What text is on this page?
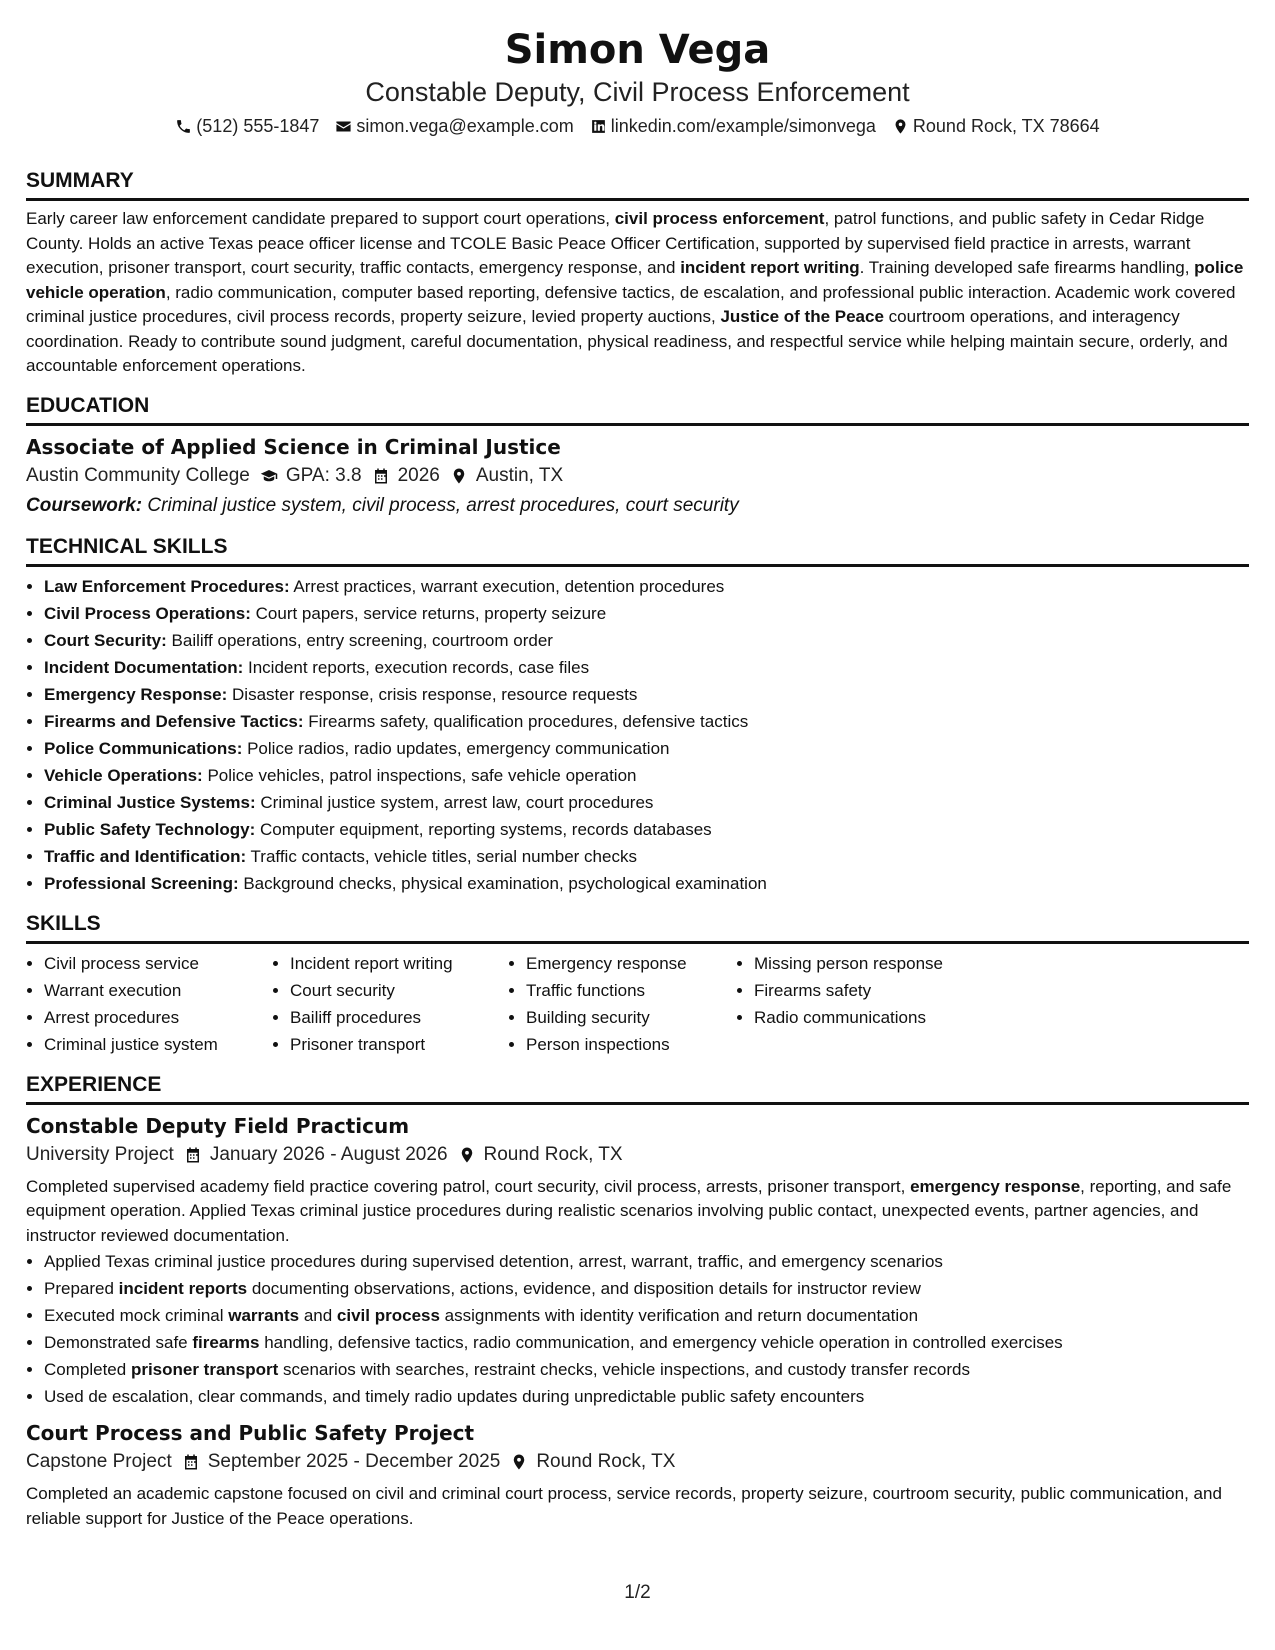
Simon Vega
Constable Deputy, Civil Process Enforcement
(512) 555-1847 simon.vega@example.com linkedin.com/example/simonvega Round Rock, TX 78664
SUMMARY

Early career law enforcement candidate prepared to support court operations, civil process enforcement, patrol functions, and public safety in Cedar Ridge County. Holds an active Texas peace officer license and TCOLE Basic Peace Officer Certification, supported by supervised field practice in arrests, warrant execution, prisoner transport, court security, traffic contacts, emergency response, and incident report writing. Training developed safe firearms handling, police vehicle operation, radio communication, computer based reporting, defensive tactics, de escalation, and professional public interaction. Academic work covered criminal justice procedures, civil process records, property seizure, levied property auctions, Justice of the Peace courtroom operations, and interagency coordination. Ready to contribute sound judgment, careful documentation, physical readiness, and respectful service while helping maintain secure, orderly, and accountable enforcement operations.

EDUCATION
Associate of Applied Science in Criminal Justice
Austin Community College GPA: 3.8 2026 Austin, TX
Coursework: Criminal justice system, civil process, arrest procedures, court security
TECHNICAL SKILLS
• Law Enforcement Procedures: Arrest practices, warrant execution, detention procedures
• Civil Process Operations: Court papers, service returns, property seizure
• Court Security: Bailiff operations, entry screening, courtroom order
• Incident Documentation: Incident reports, execution records, case files
• Emergency Response: Disaster response, crisis response, resource requests
• Firearms and Defensive Tactics: Firearms safety, qualification procedures, defensive tactics
• Police Communications: Police radios, radio updates, emergency communication
• Vehicle Operations: Police vehicles, patrol inspections, safe vehicle operation
• Criminal Justice Systems: Criminal justice system, arrest law, court procedures
• Public Safety Technology: Computer equipment, reporting systems, records databases
• Traffic and Identification: Traffic contacts, vehicle titles, serial number checks
• Professional Screening: Background checks, physical examination, psychological examination
SKILLS
• Civil process service
• Warrant execution
• Arrest procedures
• Criminal justice system
• Incident report writing
• Court security
• Bailiff procedures
• Prisoner transport
• Emergency response
• Traffic functions
• Building security
• Person inspections
• Missing person response
• Firearms safety
• Radio communications
EXPERIENCE
Constable Deputy Field Practicum
University Project January 2026 - August 2026 Round Rock, TX

Completed supervised academy field practice covering patrol, court security, civil process, arrests, prisoner transport, emergency response, reporting, and safe equipment operation. Applied Texas criminal justice procedures during realistic scenarios involving public contact, unexpected events, partner agencies, and instructor reviewed documentation.

• Applied Texas criminal justice procedures during supervised detention, arrest, warrant, traffic, and emergency scenarios
• Prepared incident reports documenting observations, actions, evidence, and disposition details for instructor review
• Executed mock criminal warrants and civil process assignments with identity verification and return documentation
• Demonstrated safe firearms handling, defensive tactics, radio communication, and emergency vehicle operation in controlled exercises
• Completed prisoner transport scenarios with searches, restraint checks, vehicle inspections, and custody transfer records
• Used de escalation, clear commands, and timely radio updates during unpredictable public safety encounters
Court Process and Public Safety Project
Capstone Project September 2025 - December 2025 Round Rock, TX

Completed an academic capstone focused on civil and criminal court process, service records, property seizure, courtroom security, public communication, and reliable support for Justice of the Peace operations.

1/2
